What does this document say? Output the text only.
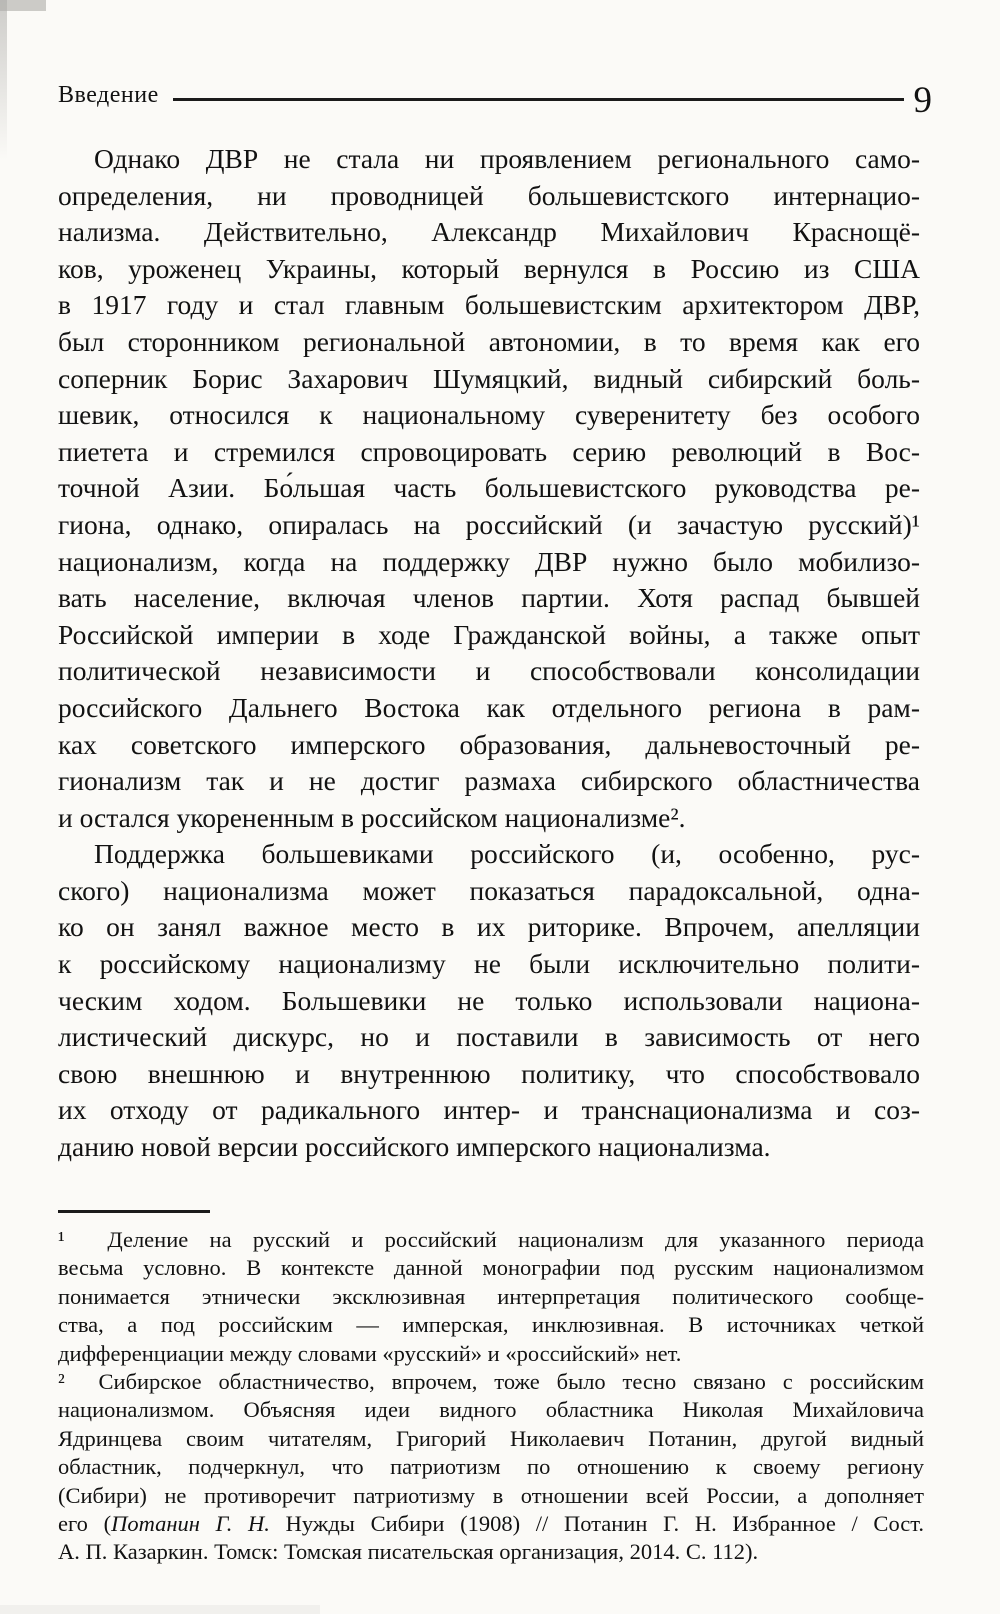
Введение	9
Однако ДВР не стала ни проявлением регионального само-
определения, ни проводницей большевистского интернацио-
нализма. Действительно, Александр Михайлович Краснощё-
ков, уроженец Украины, который вернулся в Россию из США
в 1917 году и стал главным большевистским архитектором ДВР,
был сторонником региональной автономии, в то время как его
соперник Борис Захарович Шумяцкий, видный сибирский боль-
шевик, относился к национальному суверенитету без особого
пиетета и стремился спровоцировать серию революций в Вос-
точной Азии. Бо́льшая часть большевистского руководства ре-
гиона, однако, опиралась на российский (и зачастую русский)¹
национализм, когда на поддержку ДВР нужно было мобилизо-
вать население, включая членов партии. Хотя распад бывшей
Российской империи в ходе Гражданской войны, а также опыт
политической независимости и способствовали консолидации
российского Дальнего Востока как отдельного региона в рам-
ках советского имперского образования, дальневосточный ре-
гионализм так и не достиг размаха сибирского областничества
и остался укорененным в российском национализме².
Поддержка большевиками российского (и, особенно, рус-
ского) национализма может показаться парадоксальной, одна-
ко он занял важное место в их риторике. Впрочем, апелляции
к российскому национализму не были исключительно полити-
ческим ходом. Большевики не только использовали национа-
листический дискурс, но и поставили в зависимость от него
свою внешнюю и внутреннюю политику, что способствовало
их отходу от радикального интер- и транснационализма и соз-
данию новой версии российского имперского национализма.
¹  Деление на русский и российский национализм для указанного периода
весьма условно. В контексте данной монографии под русским национализмом
понимается этнически эксклюзивная интерпретация политического сообще-
ства, а под российским — имперская, инклюзивная. В источниках четкой
дифференциации между словами «русский» и «российский» нет.
²  Сибирское областничество, впрочем, тоже было тесно связано с российским
национализмом. Объясняя идеи видного областника Николая Михайловича
Ядринцева своим читателям, Григорий Николаевич Потанин, другой видный
областник, подчеркнул, что патриотизм по отношению к своему региону
(Сибири) не противоречит патриотизму в отношении всей России, а дополняет
его (Потанин Г. Н. Нужды Сибири (1908) // Потанин Г. Н. Избранное / Сост.
А. П. Казаркин. Томск: Томская писательская организация, 2014. С. 112).
